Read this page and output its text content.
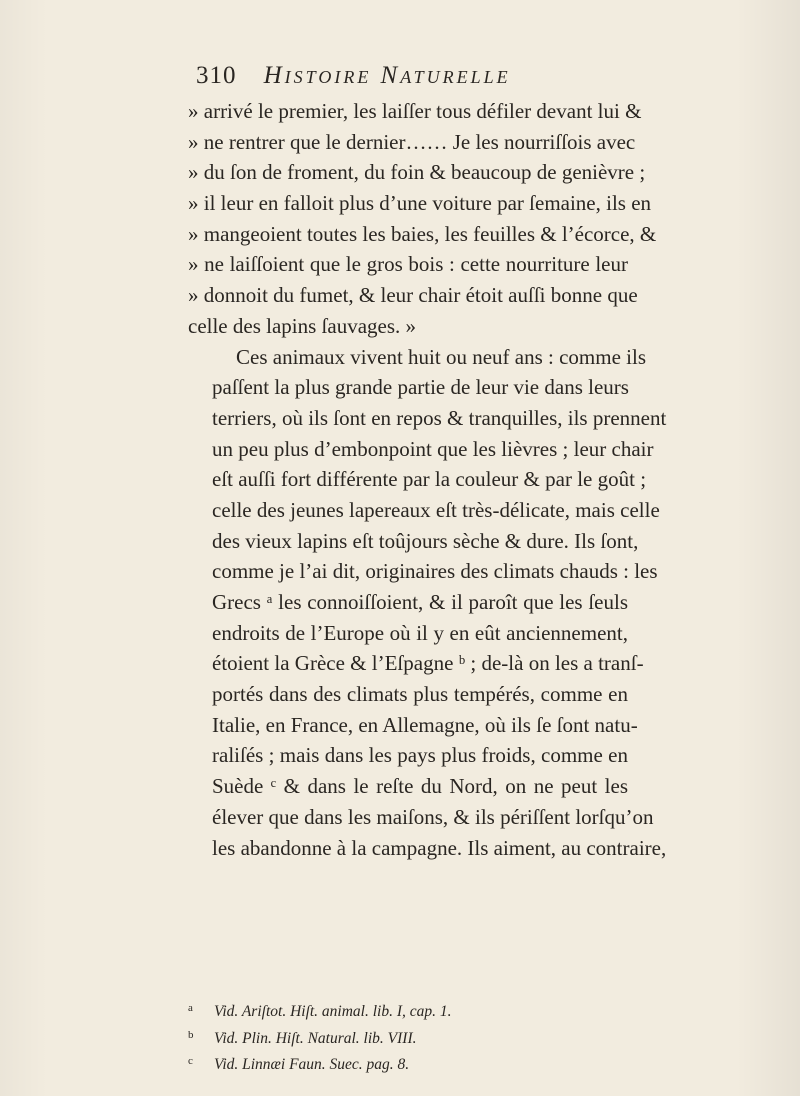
310 Histoire Naturelle
» arrivé le premier, les laiſſer tous défiler devant lui &
» ne rentrer que le dernier…… Je les nourriſſois avec
» du ſon de froment, du foin & beaucoup de genièvre ;
» il leur en falloit plus d’une voiture par ſemaine, ils en
» mangeoient toutes les baies, les feuilles & l’écorce, &
» ne laiſſoient que le gros bois : cette nourriture leur
» donnoit du fumet, & leur chair étoit auſſi bonne que
celle des lapins ſauvages. »
Ces animaux vivent huit ou neuf ans : comme ils
paſſent la plus grande partie de leur vie dans leurs
terriers, où ils ſont en repos & tranquilles, ils prennent
un peu plus d’embonpoint que les lièvres ; leur chair
eſt auſſi fort différente par la couleur & par le goût ;
celle des jeunes lapereaux eſt très-délicate, mais celle
des vieux lapins eſt toûjours sèche & dure. Ils ſont,
comme je l’ai dit, originaires des climats chauds : les
Grecs ᵃ les connoiſſoient, & il paroît que les ſeuls
endroits de l’Europe où il y en eût anciennement,
étoient la Grèce & l’Eſpagne ᵇ ; de-là on les a tranſ-
portés dans des climats plus tempérés, comme en
Italie, en France, en Allemagne, où ils ſe ſont natu-
raliſés ; mais dans les pays plus froids, comme en
Suède ᶜ & dans le reſte du Nord, on ne peut les
élever que dans les maiſons, & ils périſſent lorſqu’on
les abandonne à la campagne. Ils aiment, au contraire,
a Vid. Ariſtot. Hiſt. animal. lib. I, cap. 1.
b Vid. Plin. Hiſt. Natural. lib. VIII.
c Vid. Linnæi Faun. Suec. pag. 8.
